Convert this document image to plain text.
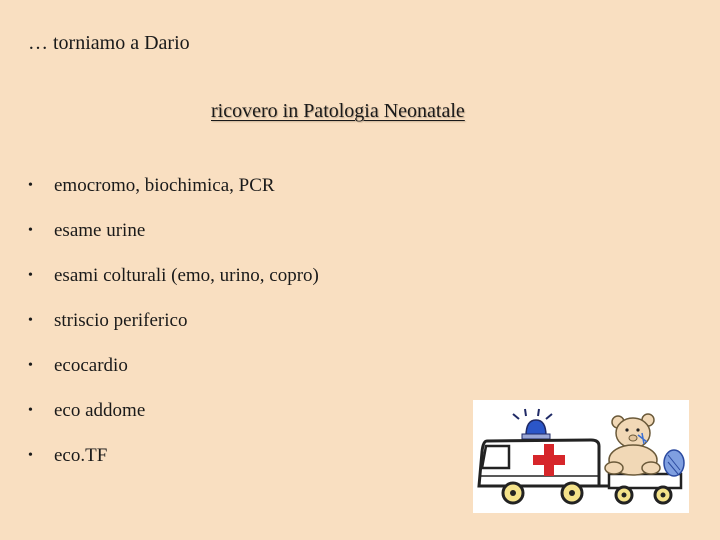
… torniamo a Dario
ricovero in Patologia Neonatale
• emocromo, biochimica, PCR
• esame urine
• esami colturali (emo, urino, copro)
• striscio periferico
• ecocardio
• eco addome
• eco.TF
